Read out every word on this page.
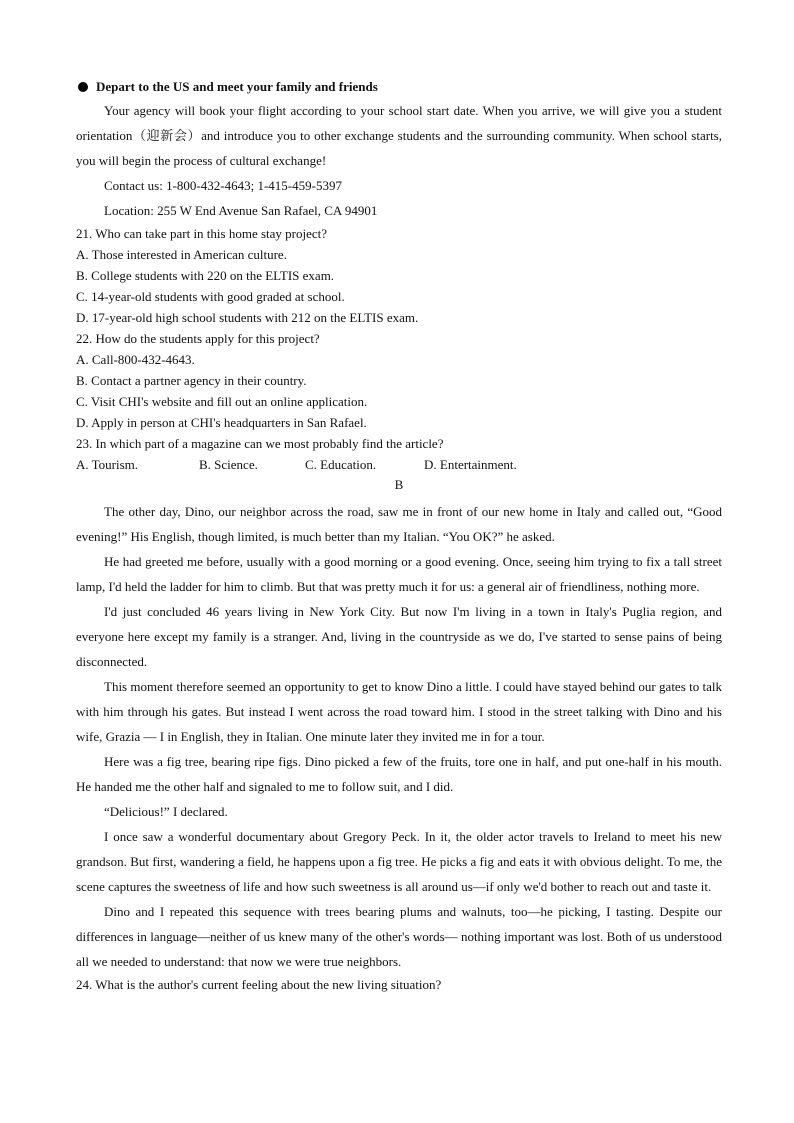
Depart to the US and meet your family and friends

Your agency will book your flight according to your school start date. When you arrive, we will give you a student orientation（迎新会）and introduce you to other exchange students and the surrounding community. When school starts, you will begin the process of cultural exchange!

Contact us: 1-800-432-4643; 1-415-459-5397
Location: 255 W End Avenue San Rafael, CA 94901
21. Who can take part in this home stay project?
A. Those interested in American culture.
B. College students with 220 on the ELTIS exam.
C. 14-year-old students with good graded at school.
D. 17-year-old high school students with 212 on the ELTIS exam.
22. How do the students apply for this project?
A. Call-800-432-4643.
B. Contact a partner agency in their country.
C. Visit CHI's website and fill out an online application.
D. Apply in person at CHI's headquarters in San Rafael.
23. In which part of a magazine can we most probably find the article?
A. Tourism.	B. Science.	C. Education.	D. Entertainment.
B

The other day, Dino, our neighbor across the road, saw me in front of our new home in Italy and called out, “Good evening!” His English, though limited, is much better than my Italian. “You OK?” he asked.

He had greeted me before, usually with a good morning or a good evening. Once, seeing him trying to fix a tall street lamp, I'd held the ladder for him to climb. But that was pretty much it for us: a general air of friendliness, nothing more.

I'd just concluded 46 years living in New York City. But now I'm living in a town in Italy's Puglia region, and everyone here except my family is a stranger. And, living in the countryside as we do, I've started to sense pains of being disconnected.

This moment therefore seemed an opportunity to get to know Dino a little. I could have stayed behind our gates to talk with him through his gates. But instead I went across the road toward him. I stood in the street talking with Dino and his wife, Grazia — I in English, they in Italian. One minute later they invited me in for a tour.

Here was a fig tree, bearing ripe figs. Dino picked a few of the fruits, tore one in half, and put one-half in his mouth. He handed me the other half and signaled to me to follow suit, and I did.

“Delicious!” I declared.

I once saw a wonderful documentary about Gregory Peck. In it, the older actor travels to Ireland to meet his new grandson. But first, wandering a field, he happens upon a fig tree. He picks a fig and eats it with obvious delight. To me, the scene captures the sweetness of life and how such sweetness is all around us—if only we'd bother to reach out and taste it.

Dino and I repeated this sequence with trees bearing plums and walnuts, too—he picking, I tasting. Despite our differences in language—neither of us knew many of the other's words— nothing important was lost. Both of us understood all we needed to understand: that now we were true neighbors.

24. What is the author's current feeling about the new living situation?
